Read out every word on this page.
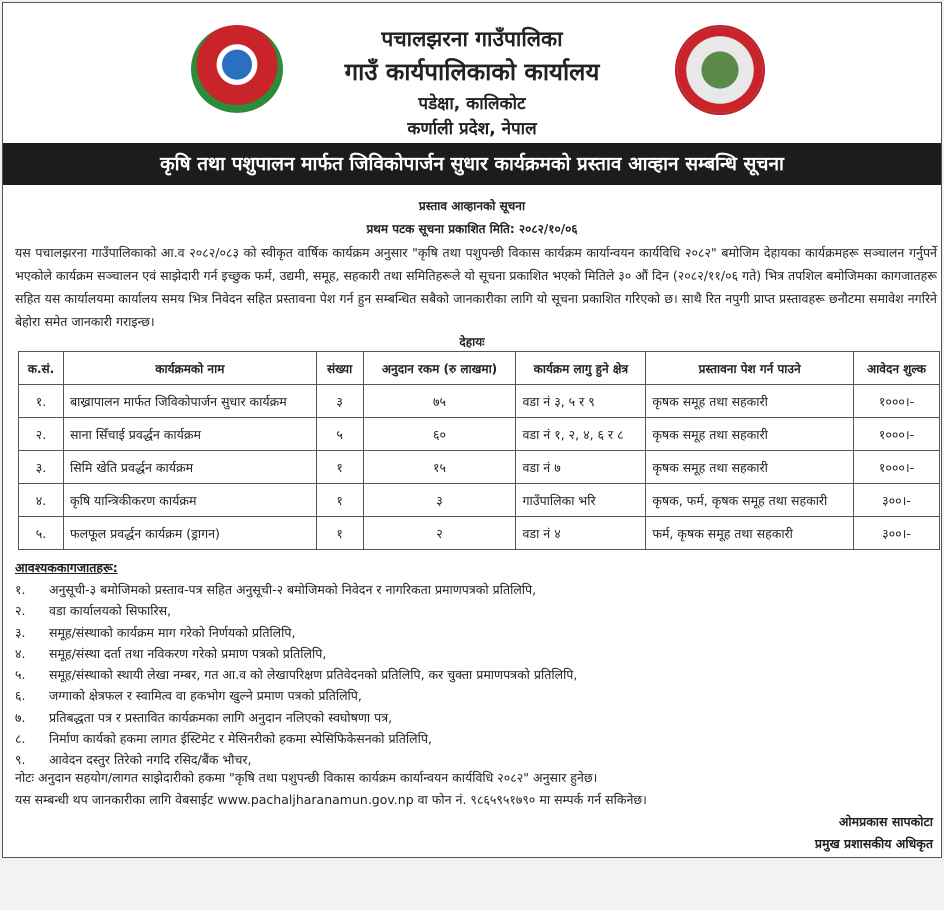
पचालझरना गाउँपालिका
गाउँ कार्यपालिकाको कार्यालय
पडेक्षा, कालिकोट
कर्णाली प्रदेश, नेपाल
कृषि तथा पशुपालन मार्फत जिविकोपार्जन सुधार कार्यक्रमको प्रस्ताव आव्हान सम्बन्धि सूचना
प्रस्ताव आव्हानको सूचना
प्रथम पटक सूचना प्रकाशित मिति: २०८२/१०/०६
यस पचालझरना गाउँपालिकाको आ.व २०८२/०८३ को स्वीकृत वार्षिक कार्यक्रम अनुसार "कृषि तथा पशुपन्छी विकास कार्यक्रम कार्यान्वयन कार्यविधि २०८२" बमोजिम देहायका कार्यक्रमहरू सञ्चालन गर्नुपर्ने भएकोले कार्यक्रम सञ्चालन एवं साझेदारी गर्न इच्छुक फर्म, उद्यमी, समूह, सहकारी तथा समितिहरूले यो सूचना प्रकाशित भएको मितिले ३० औं दिन (२०८२/११/०६ गते) भित्र तपशिल बमोजिमका कागजातहरू सहित यस कार्यालयमा कार्यालय समय भित्र निवेदन सहित प्रस्तावना पेश गर्न हुन सम्बन्धित सबैको जानकारीका लागि यो सूचना प्रकाशित गरिएको छ। साथै रित नपुगी प्राप्त प्रस्तावहरू छनौटमा समावेश नगरिने बेहोरा समेत जानकारी गराइन्छ।
देहायः
क.सं.	कार्यक्रमको नाम	संख्या	अनुदान रकम (रु लाखमा)	कार्यक्रम लागु हुने क्षेत्र	प्रस्तावना पेश गर्न पाउने	आवेदन शुल्क
१.	बाख्रापालन मार्फत जिविकोपार्जन सुधार कार्यक्रम	३	७५	वडा नं ३, ५ र ९	कृषक समूह तथा सहकारी	१०००।-
२.	साना सिँचाई प्रवर्द्धन कार्यक्रम	५	६०	वडा नं १, २, ४, ६ र ८	कृषक समूह तथा सहकारी	१०००।-
३.	सिमि खेति प्रवर्द्धन कार्यक्रम	१	१५	वडा नं ७	कृषक समूह तथा सहकारी	१०००।-
४.	कृषि यान्त्रिकीकरण कार्यक्रम	१	३	गाउँपालिका भरि	कृषक, फर्म, कृषक समूह तथा सहकारी	३००।-
५.	फलफूल प्रवर्द्धन कार्यक्रम (ड्रागन)	१	२	वडा नं ४	फर्म, कृषक समूह तथा सहकारी	३००।-
आवश्यककागजातहरू:
१. अनुसूची-३ बमोजिमको प्रस्ताव-पत्र सहित अनुसूची-२ बमोजिमको निवेदन र नागरिकता प्रमाणपत्रको प्रतिलिपि,
२. वडा कार्यालयको सिफारिस,
३. समूह/संस्थाको कार्यक्रम माग गरेको निर्णयको प्रतिलिपि,
४. समूह/संस्था दर्ता तथा नविकरण गरेको प्रमाण पत्रको प्रतिलिपि,
५. समूह/संस्थाको स्थायी लेखा नम्बर, गत आ.व को लेखापरिक्षण प्रतिवेदनको प्रतिलिपि, कर चुक्ता प्रमाणपत्रको प्रतिलिपि,
६. जग्गाको क्षेत्रफल र स्वामित्व वा हकभोग खुल्ने प्रमाण पत्रको प्रतिलिपि,
७. प्रतिबद्धता पत्र र प्रस्तावित कार्यक्रमका लागि अनुदान नलिएको स्वघोषणा पत्र,
८. निर्माण कार्यको हकमा लागत ईस्टिमेट र मेसिनरीको हकमा स्पेसिफिकेसनको प्रतिलिपि,
९. आवेदन दस्तुर तिरेको नगदि रसिद/बैंक भौचर,
नोटः अनुदान सहयोग/लागत साझेदारीको हकमा "कृषि तथा पशुपन्छी विकास कार्यक्रम कार्यान्वयन कार्यविधि २०८२" अनुसार हुनेछ।
यस सम्बन्धी थप जानकारीका लागि वेबसाईट www.pachaljharanamun.gov.np वा फोन नं. ९८६५९५१७९० मा सम्पर्क गर्न सकिनेछ।
ओमप्रकास सापकोटा
प्रमुख प्रशासकीय अधिकृत
